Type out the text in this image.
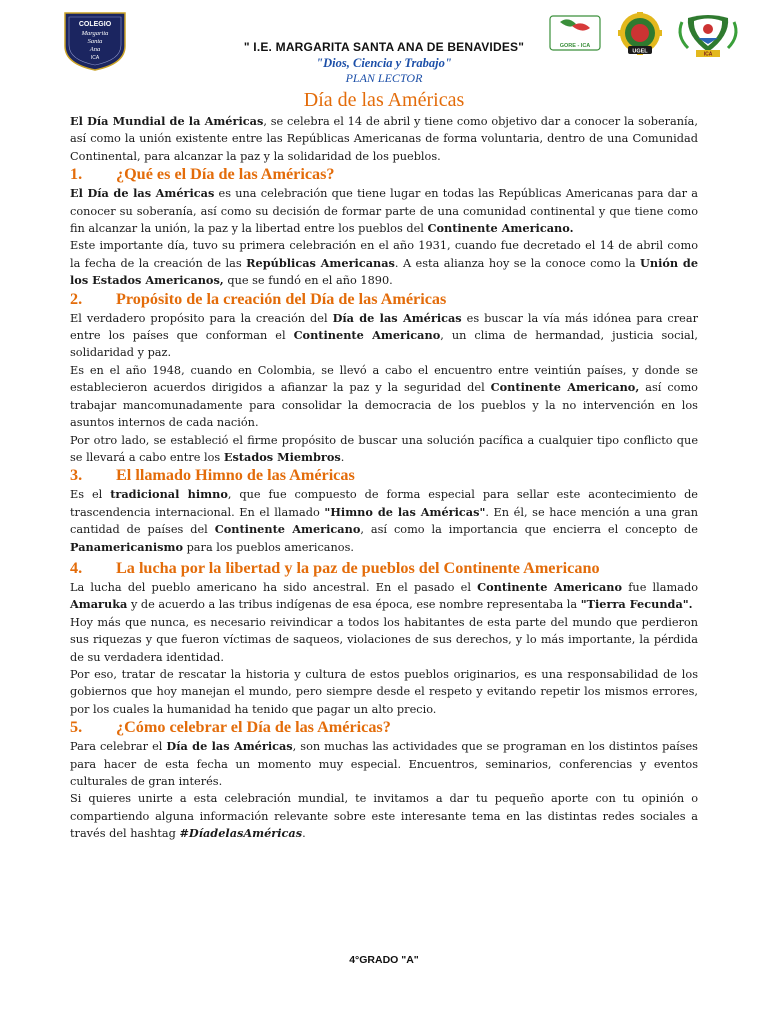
COLEGIO
Margarita
Santa
Ana
ICA
GORE - ICA
UGEL	ICA
" I.E. MARGARITA SANTA ANA DE BENAVIDES"
"Dios, Ciencia y Trabajo"
PLAN LECTOR
Día de las Américas

El Día Mundial de la Américas, se celebra el 14 de abril y tiene como objetivo dar a conocer la soberanía, así como la unión existente entre las Repúblicas Americanas de forma voluntaria, dentro de una Comunidad Continental, para alcanzar la paz y la solidaridad de los pueblos.

1. ¿Qué es el Día de las Américas?

El Día de las Américas es una celebración que tiene lugar en todas las Repúblicas Americanas para dar a conocer su soberanía, así como su decisión de formar parte de una comunidad continental y que tiene como fin alcanzar la unión, la paz y la libertad entre los pueblos del Continente Americano.

Este importante día, tuvo su primera celebración en el año 1931, cuando fue decretado el 14 de abril como la fecha de la creación de las Repúblicas Americanas. A esta alianza hoy se la conoce como la Unión de los Estados Americanos, que se fundó en el año 1890.

2. Propósito de la creación del Día de las Américas

El verdadero propósito para la creación del Día de las Américas es buscar la vía más idónea para crear entre los países que conforman el Continente Americano, un clima de hermandad, justicia social, solidaridad y paz.

Es en el año 1948, cuando en Colombia, se llevó a cabo el encuentro entre veintiún países, y donde se establecieron acuerdos dirigidos a afianzar la paz y la seguridad del Continente Americano, así como trabajar mancomunadamente para consolidar la democracia de los pueblos y la no intervención en los asuntos internos de cada nación.

Por otro lado, se estableció el firme propósito de buscar una solución pacífica a cualquier tipo conflicto que se llevará a cabo entre los Estados Miembros.

3. El llamado Himno de las Américas

Es el tradicional himno, que fue compuesto de forma especial para sellar este acontecimiento de trascendencia internacional. En el llamado "Himno de las Américas". En él, se hace mención a una gran cantidad de países del Continente Americano, así como la importancia que encierra el concepto de Panamericanismo para los pueblos americanos.

4. La lucha por la libertad y la paz de pueblos del Continente Americano

La lucha del pueblo americano ha sido ancestral. En el pasado el Continente Americano fue llamado Amaruka y de acuerdo a las tribus indígenas de esa época, ese nombre representaba la "Tierra Fecunda".

Hoy más que nunca, es necesario reivindicar a todos los habitantes de esta parte del mundo que perdieron sus riquezas y que fueron víctimas de saqueos, violaciones de sus derechos, y lo más importante, la pérdida de su verdadera identidad.

Por eso, tratar de rescatar la historia y cultura de estos pueblos originarios, es una responsabilidad de los gobiernos que hoy manejan el mundo, pero siempre desde el respeto y evitando repetir los mismos errores, por los cuales la humanidad ha tenido que pagar un alto precio.

5. ¿Cómo celebrar el Día de las Américas?

Para celebrar el Día de las Américas, son muchas las actividades que se programan en los distintos países para hacer de esta fecha un momento muy especial. Encuentros, seminarios, conferencias y eventos culturales de gran interés.

Si quieres unirte a esta celebración mundial, te invitamos a dar tu pequeño aporte con tu opinión o compartiendo alguna información relevante sobre este interesante tema en las distintas redes sociales a través del hashtag #DíadelasAméricas.

4°GRADO "A"
